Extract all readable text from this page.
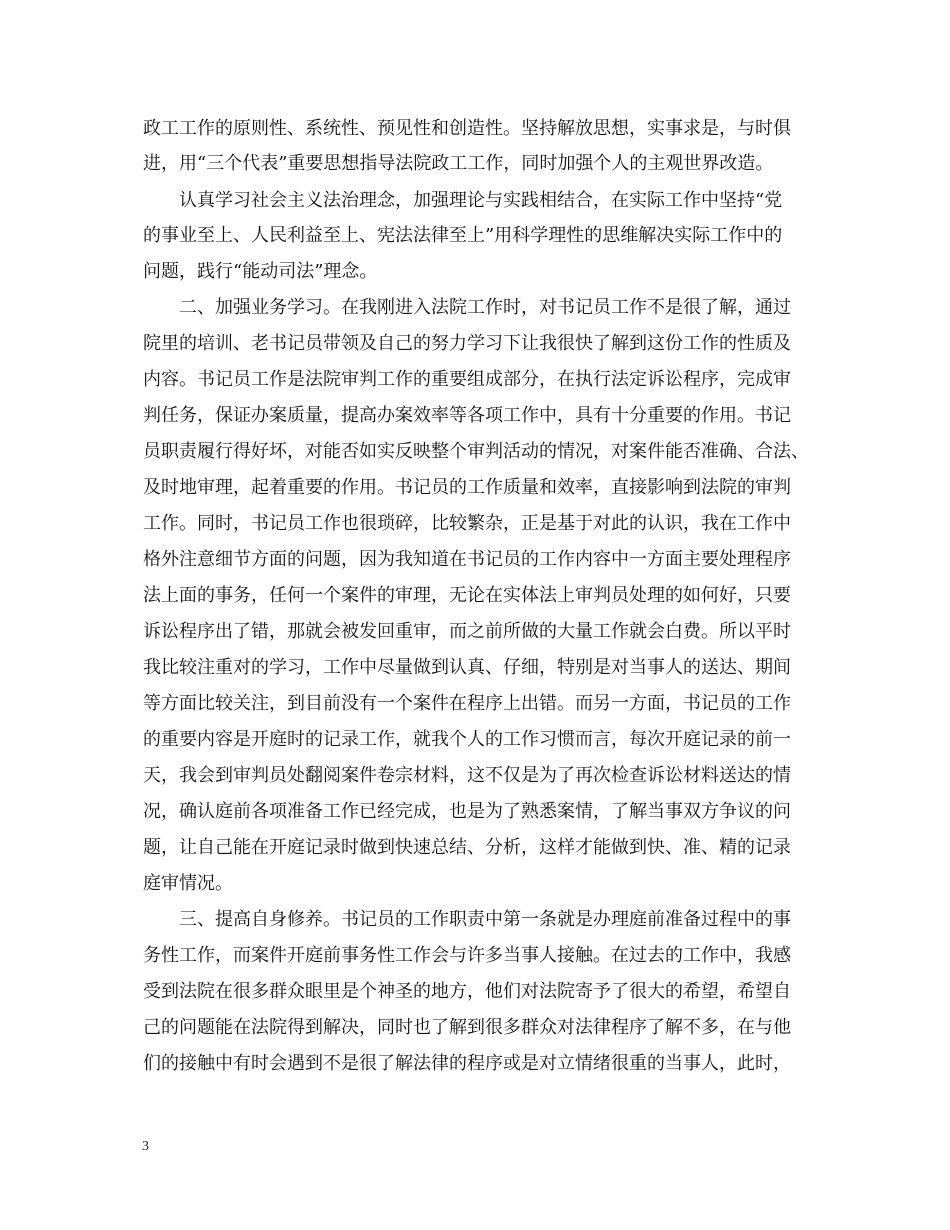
政工工作的原则性、系统性、预见性和创造性。坚持解放思想，实事求是，与时俱
进，用“三个代表”重要思想指导法院政工工作，同时加强个人的主观世界改造。
认真学习社会主义法治理念，加强理论与实践相结合，在实际工作中坚持“党
的事业至上、人民利益至上、宪法法律至上”用科学理性的思维解决实际工作中的
问题，践行“能动司法”理念。
二、加强业务学习。在我刚进入法院工作时，对书记员工作不是很了解，通过
院里的培训、老书记员带领及自己的努力学习下让我很快了解到这份工作的性质及
内容。书记员工作是法院审判工作的重要组成部分，在执行法定诉讼程序，完成审
判任务，保证办案质量，提高办案效率等各项工作中，具有十分重要的作用。书记
员职责履行得好坏，对能否如实反映整个审判活动的情况，对案件能否准确、合法、
及时地审理，起着重要的作用。书记员的工作质量和效率，直接影响到法院的审判
工作。同时，书记员工作也很琐碎，比较繁杂，正是基于对此的认识，我在工作中
格外注意细节方面的问题，因为我知道在书记员的工作内容中一方面主要处理程序
法上面的事务，任何一个案件的审理，无论在实体法上审判员处理的如何好，只要
诉讼程序出了错，那就会被发回重审，而之前所做的大量工作就会白费。所以平时
我比较注重对的学习，工作中尽量做到认真、仔细，特别是对当事人的送达、期间
等方面比较关注，到目前没有一个案件在程序上出错。而另一方面，书记员的工作
的重要内容是开庭时的记录工作，就我个人的工作习惯而言，每次开庭记录的前一
天，我会到审判员处翻阅案件卷宗材料，这不仅是为了再次检查诉讼材料送达的情
况，确认庭前各项准备工作已经完成，也是为了熟悉案情，了解当事双方争议的问
题，让自己能在开庭记录时做到快速总结、分析，这样才能做到快、准、精的记录
庭审情况。
三、提高自身修养。书记员的工作职责中第一条就是办理庭前准备过程中的事
务性工作，而案件开庭前事务性工作会与许多当事人接触。在过去的工作中，我感
受到法院在很多群众眼里是个神圣的地方，他们对法院寄予了很大的希望，希望自
己的问题能在法院得到解决，同时也了解到很多群众对法律程序了解不多，在与他
们的接触中有时会遇到不是很了解法律的程序或是对立情绪很重的当事人，此时，
3
